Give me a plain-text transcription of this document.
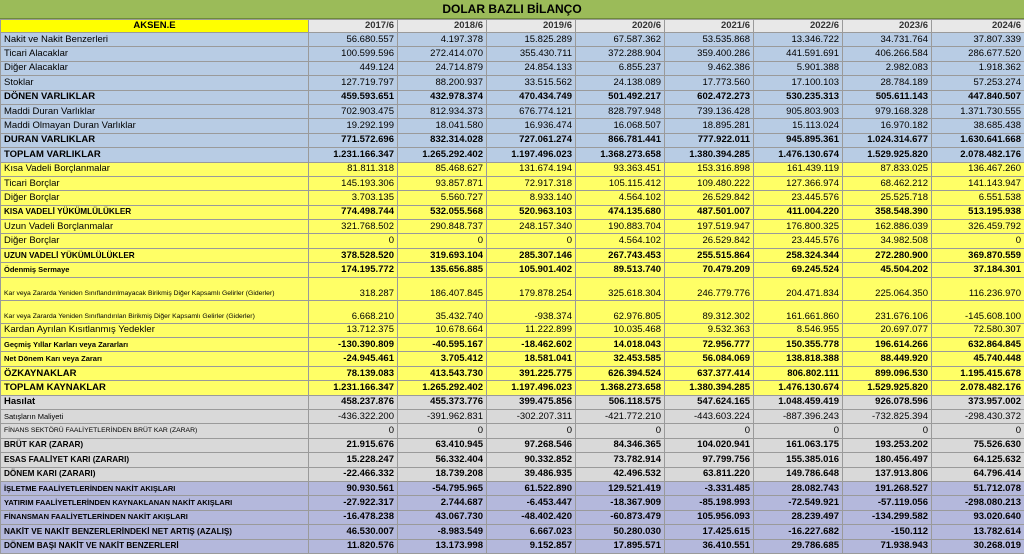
DOLAR BAZLI BİLANÇO
AKSEN.E	2017/6	2018/6	2019/6	2020/6	2021/6	2022/6	2023/6	2024/6
Nakit ve Nakit Benzerleri	56.680.557	4.197.378	15.825.289	67.587.362	53.535.868	13.346.722	34.731.764	37.807.339
Ticari Alacaklar	100.599.596	272.414.070	355.430.711	372.288.904	359.400.286	441.591.691	406.266.584	286.677.520
Diğer Alacaklar	449.124	24.714.879	24.854.133	6.855.237	9.462.386	5.901.388	2.982.083	1.918.362
Stoklar	127.719.797	88.200.937	33.515.562	24.138.089	17.773.560	17.100.103	28.784.189	57.253.274
DÖNEN VARLIKLAR	459.593.651	432.978.374	470.434.749	501.492.217	602.472.273	530.235.313	505.611.143	447.840.507
Maddi Duran Varlıklar	702.903.475	812.934.373	676.774.121	828.797.948	739.136.428	905.803.903	979.168.328	1.371.730.555
Maddi Olmayan Duran Varlıklar	19.292.199	18.041.580	16.936.474	16.068.507	18.895.281	15.113.024	16.970.182	38.685.438
DURAN VARLIKLAR	771.572.696	832.314.028	727.061.274	866.781.441	777.922.011	945.895.361	1.024.314.677	1.630.641.668
TOPLAM VARLIKLAR	1.231.166.347	1.265.292.402	1.197.496.023	1.368.273.658	1.380.394.285	1.476.130.674	1.529.925.820	2.078.482.176
Kısa Vadeli Borçlanmalar	81.811.318	85.468.627	131.674.194	93.363.451	153.316.898	161.439.119	87.833.025	136.467.260
Ticari Borçlar	145.193.306	93.857.871	72.917.318	105.115.412	109.480.222	127.366.974	68.462.212	141.143.947
Diğer Borçlar	3.703.135	5.560.727	8.933.140	4.564.102	26.529.842	23.445.576	25.525.718	6.551.538
KISA VADELİ YÜKÜMLÜLÜKLER	774.498.744	532.055.568	520.963.103	474.135.680	487.501.007	411.004.220	358.548.390	513.195.938
Uzun Vadeli Borçlanmalar	321.768.502	290.848.737	248.157.340	190.883.704	197.519.947	176.800.325	162.886.039	326.459.792
Diğer Borçlar	0	0	0	4.564.102	26.529.842	23.445.576	34.982.508	0
UZUN VADELİ YÜKÜMLÜLÜKLER	378.528.520	319.693.104	285.307.146	267.743.453	255.515.864	258.324.344	272.280.900	369.870.559
Ödenmiş Sermaye	174.195.772	135.656.885	105.901.402	89.513.740	70.479.209	69.245.524	45.504.202	37.184.301
Kar veya Zararda Yeniden Sınıflandırılmayacak Birikmiş Diğer Kapsamlı Gelirler (Giderler)	318.287	186.407.845	179.878.254	325.618.304	246.779.776	204.471.834	225.064.350	116.236.970
Kar veya Zararda Yeniden Sınıflandırılan Birikmiş Diğer Kapsamlı Gelirler (Giderler)	6.668.210	35.432.740	-938.374	62.976.805	89.312.302	161.661.860	231.676.106	-145.608.100
Kardan Ayrılan Kısıtlanmış Yedekler	13.712.375	10.678.664	11.222.899	10.035.468	9.532.363	8.546.955	20.697.077	72.580.307
Geçmiş Yıllar Karları veya Zararları	-130.390.809	-40.595.167	-18.462.602	14.018.043	72.956.777	150.355.778	196.614.266	632.864.845
Net Dönem Karı veya Zararı	-24.945.461	3.705.412	18.581.041	32.453.585	56.084.069	138.818.388	88.449.920	45.740.448
ÖZKAYNAKLAR	78.139.083	413.543.730	391.225.775	626.394.524	637.377.414	806.802.111	899.096.530	1.195.415.678
TOPLAM KAYNAKLAR	1.231.166.347	1.265.292.402	1.197.496.023	1.368.273.658	1.380.394.285	1.476.130.674	1.529.925.820	2.078.482.176
Hasılat	458.237.876	455.373.776	399.475.856	506.118.575	547.624.165	1.048.459.419	926.078.596	373.957.002
Satışların Maliyeti	-436.322.200	-391.962.831	-302.207.311	-421.772.210	-443.603.224	-887.396.243	-732.825.394	-298.430.372
FİNANS SEKTÖRÜ FAALİYETLERİNDEN BRÜT KAR (ZARAR)	0	0	0	0	0	0	0	0
BRÜT KAR (ZARAR)	21.915.676	63.410.945	97.268.546	84.346.365	104.020.941	161.063.175	193.253.202	75.526.630
ESAS FAALİYET KARI (ZARARI)	15.228.247	56.332.404	90.332.852	73.782.914	97.799.756	155.385.016	180.456.497	64.125.632
DÖNEM KARI (ZARARI)	-22.466.332	18.739.208	39.486.935	42.496.532	63.811.220	149.786.648	137.913.806	64.796.414
İŞLETME FAALİYETLERİNDEN NAKİT AKIŞLARI	90.930.561	-54.795.965	61.522.890	129.521.419	-3.331.485	28.082.743	191.268.527	51.712.078
YATIRIM FAALİYETLERİNDEN KAYNAKLANAN NAKİT AKIŞLARI	-27.922.317	2.744.687	-6.453.447	-18.367.909	-85.198.993	-72.549.921	-57.119.056	-298.080.213
FİNANSMAN FAALİYETLERİNDEN NAKİT AKIŞLARI	-16.478.238	43.067.730	-48.402.420	-60.873.479	105.956.093	28.239.497	-134.299.582	93.020.640
NAKİT VE NAKİT BENZERLERİNDEKİ NET ARTIŞ (AZALIŞ)	46.530.007	-8.983.549	6.667.023	50.280.030	17.425.615	-16.227.682	-150.112	13.782.614
DÖNEM BAŞI NAKİT VE NAKİT BENZERLERİ	11.820.576	13.173.998	9.152.857	17.895.571	36.410.551	29.786.685	71.938.943	30.268.019
